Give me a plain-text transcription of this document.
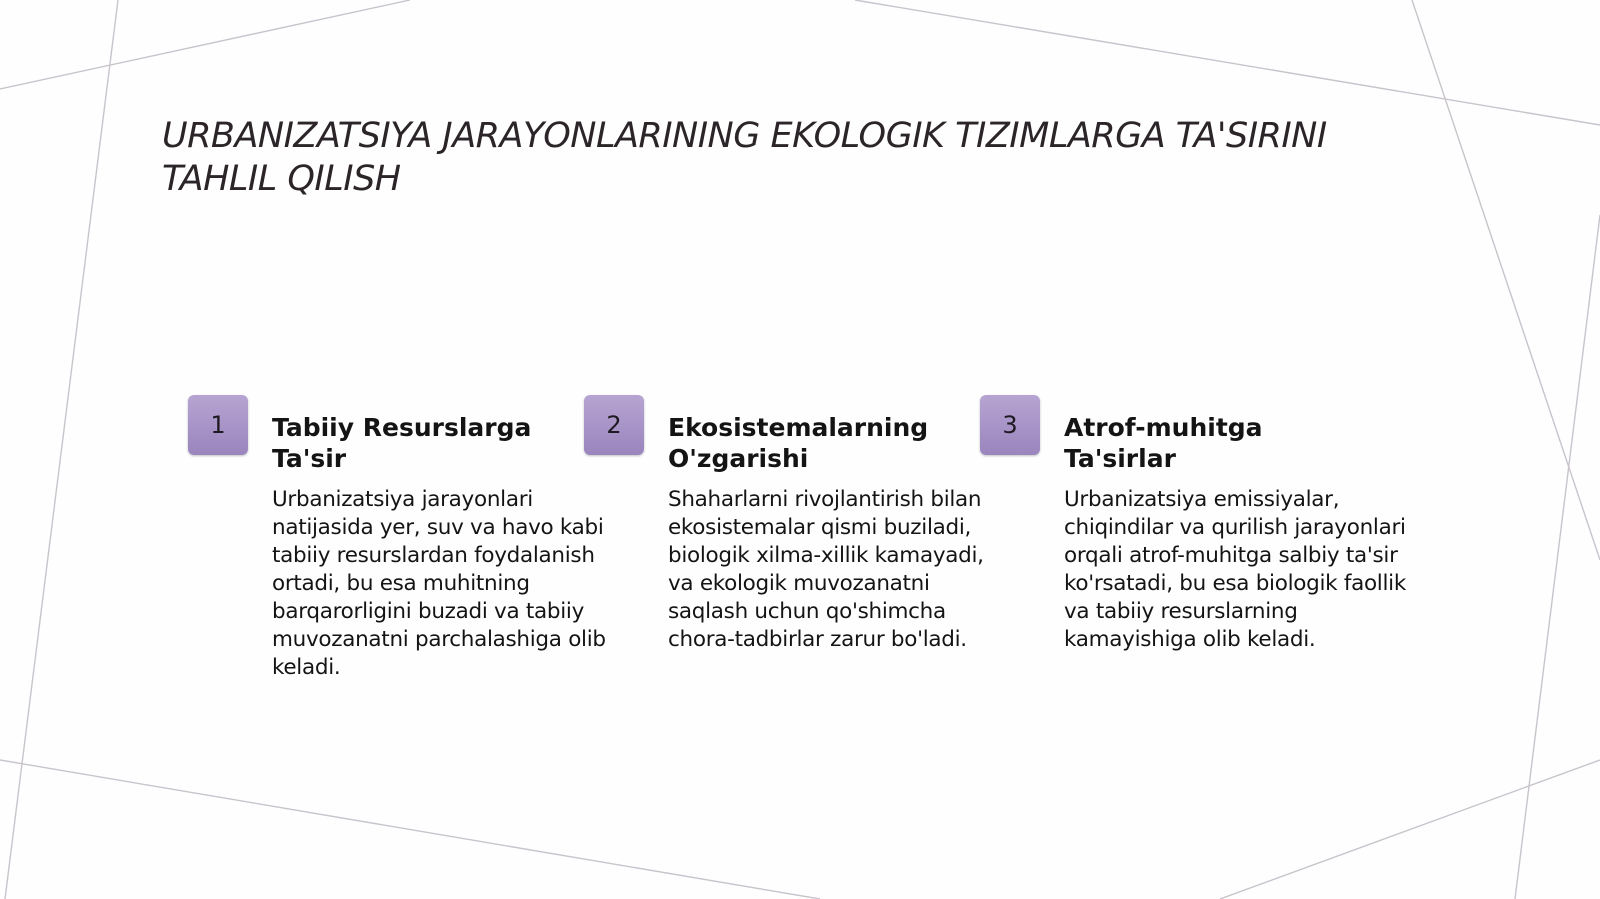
URBANIZATSIYA JARAYONLARINING EKOLOGIK TIZIMLARGA TA'SIRINI TAHLIL QILISH
1	Tabiiy Resurslarga Ta'sir

Urbanizatsiya jarayonlari natijasida yer, suv va havo kabi tabiiy resurslardan foydalanish ortadi, bu esa muhitning barqarorligini buzadi va tabiiy muvozanatni parchalashiga olib keladi.

2	Ekosistemalarning O'zgarishi

Shaharlarni rivojlantirish bilan ekosistemalar qismi buziladi, biologik xilma-xillik kamayadi, va ekologik muvozanatni saqlash uchun qo'shimcha chora-tadbirlar zarur bo'ladi.

3	Atrof-muhitga Ta'sirlar

Urbanizatsiya emissiyalar, chiqindilar va qurilish jarayonlari orqali atrof-muhitga salbiy ta'sir ko'rsatadi, bu esa biologik faollik va tabiiy resurslarning kamayishiga olib keladi.
